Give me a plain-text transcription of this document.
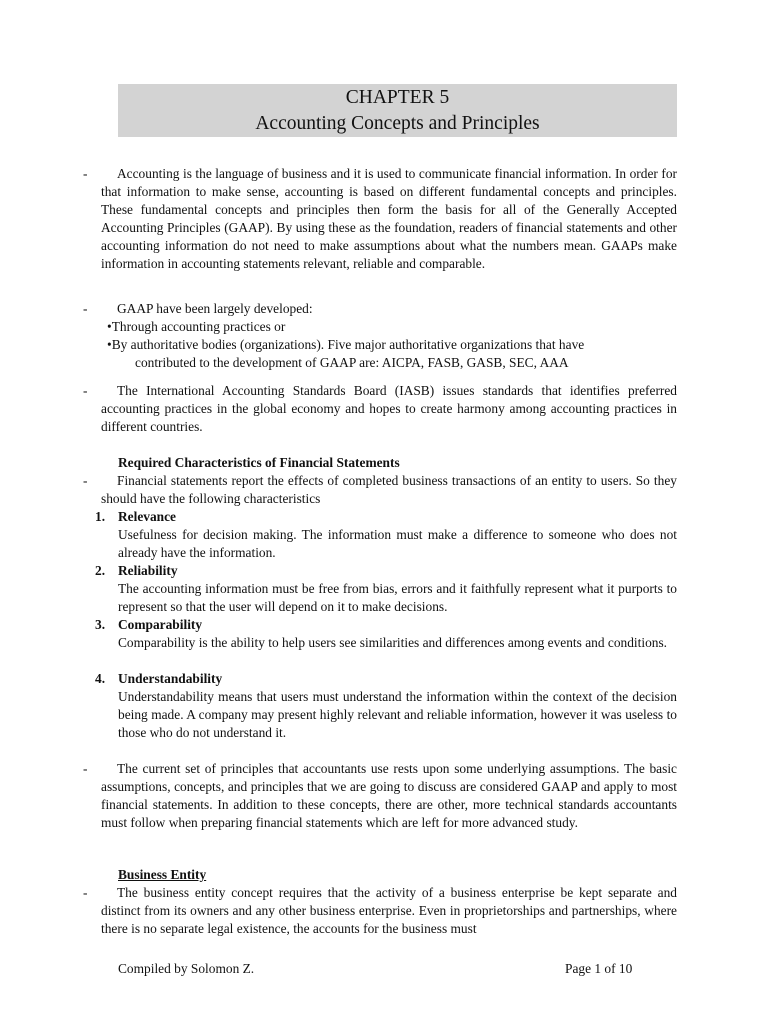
CHAPTER 5
Accounting Concepts and Principles
-	Accounting is the language of business and it is used to communicate financial information. In order for that information to make sense, accounting is based on different fundamental concepts and principles. These fundamental concepts and principles then form the basis for all of the Generally Accepted Accounting Principles (GAAP). By using these as the foundation, readers of financial statements and other accounting information do not need to make assumptions about what the numbers mean. GAAPs make information in accounting statements relevant, reliable and comparable.
-	GAAP have been largely developed:
•Through accounting practices or
•By authoritative bodies (organizations). Five major authoritative organizations that have
contributed to the development of GAAP are: AICPA, FASB, GASB, SEC, AAA
-	The International Accounting Standards Board (IASB) issues standards that identifies preferred accounting practices in the global economy and hopes to create harmony among accounting practices in different countries.
Required Characteristics of Financial Statements
-	Financial statements report the effects of completed business transactions of an entity to users. So they should have the following characteristics
1. Relevance
Usefulness for decision making. The information must make a difference to someone who does not already have the information.
2. Reliability
The accounting information must be free from bias, errors and it faithfully represent what it purports to represent so that the user will depend on it to make decisions.
3. Comparability
Comparability is the ability to help users see similarities and differences among events and conditions.
4. Understandability
Understandability means that users must understand the information within the context of the decision being made. A company may present highly relevant and reliable information, however it was useless to those who do not understand it.
-	The current set of principles that accountants use rests upon some underlying assumptions. The basic assumptions, concepts, and principles that we are going to discuss are considered GAAP and apply to most financial statements. In addition to these concepts, there are other, more technical standards accountants must follow when preparing financial statements which are left for more advanced study.
Business Entity
-	The business entity concept requires that the activity of a business enterprise be kept separate and distinct from its owners and any other business enterprise. Even in proprietorships and partnerships, where there is no separate legal existence, the accounts for the business must
Compiled by Solomon Z.	Page 1 of 10
